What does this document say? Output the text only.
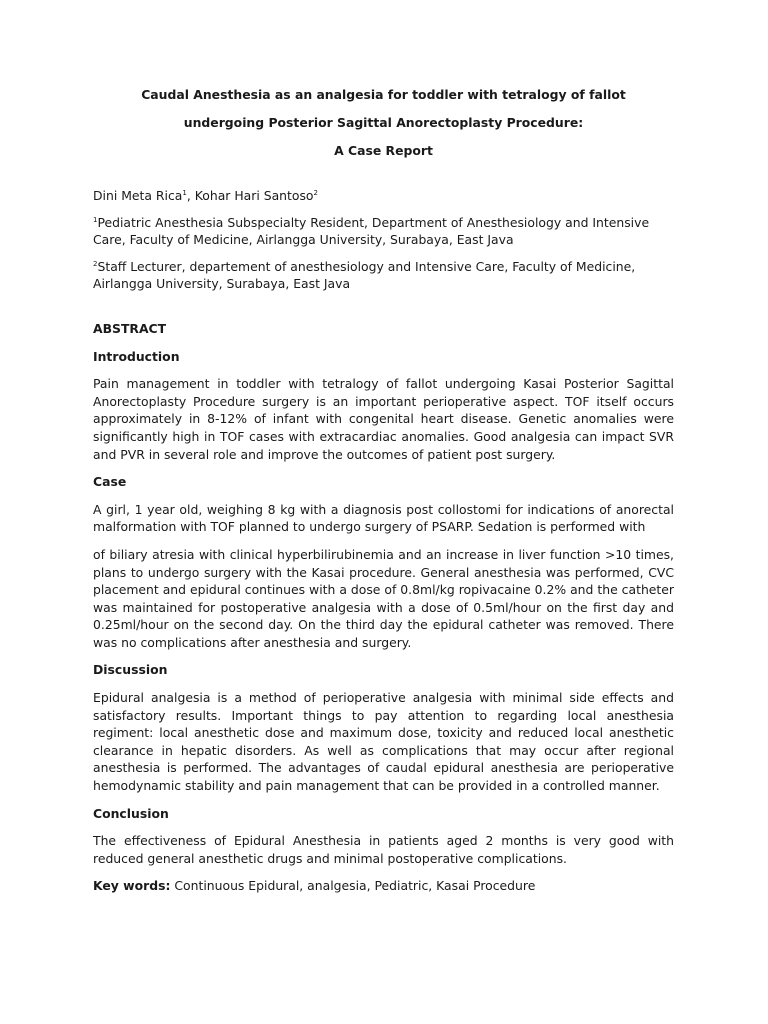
Caudal Anesthesia as an analgesia for toddler with tetralogy of fallot

undergoing Posterior Sagittal Anorectoplasty Procedure:

A Case Report

Dini Meta Rica$^1$, Kohar Hari Santoso$^2$

$^1$Pediatric Anesthesia Subspecialty Resident, Department of Anesthesiology and Intensive Care, Faculty of Medicine, Airlangga University, Surabaya, East Java

$^2$Staff Lecturer, departement of anesthesiology and Intensive Care, Faculty of Medicine, Airlangga University, Surabaya, East Java

ABSTRACT

Introduction

Pain management in toddler with tetralogy of fallot undergoing Kasai Posterior Sagittal Anorectoplasty Procedure surgery is an important perioperative aspect. TOF itself occurs approximately in 8-12% of infant with congenital heart disease. Genetic anomalies were significantly high in TOF cases with extracardiac anomalies. Good analgesia can impact SVR and PVR in several role and improve the outcomes of patient post surgery.

Case

A girl, 1 year old, weighing 8 kg with a diagnosis post collostomi for indications of anorectal malformation with TOF planned to undergo surgery of PSARP. Sedation is performed with

of biliary atresia with clinical hyperbilirubinemia and an increase in liver function >10 times, plans to undergo surgery with the Kasai procedure. General anesthesia was performed, CVC placement and epidural continues with a dose of 0.8ml/kg ropivacaine 0.2% and the catheter was maintained for postoperative analgesia with a dose of 0.5ml/hour on the first day and 0.25ml/hour on the second day. On the third day the epidural catheter was removed. There was no complications after anesthesia and surgery.

Discussion

Epidural analgesia is a method of perioperative analgesia with minimal side effects and satisfactory results. Important things to pay attention to regarding local anesthesia regiment: local anesthetic dose and maximum dose, toxicity and reduced local anesthetic clearance in hepatic disorders. As well as complications that may occur after regional anesthesia is performed. The advantages of caudal epidural anesthesia are perioperative hemodynamic stability and pain management that can be provided in a controlled manner.

Conclusion

The effectiveness of Epidural Anesthesia in patients aged 2 months is very good with reduced general anesthetic drugs and minimal postoperative complications.

Key words: Continuous Epidural, analgesia, Pediatric, Kasai Procedure
